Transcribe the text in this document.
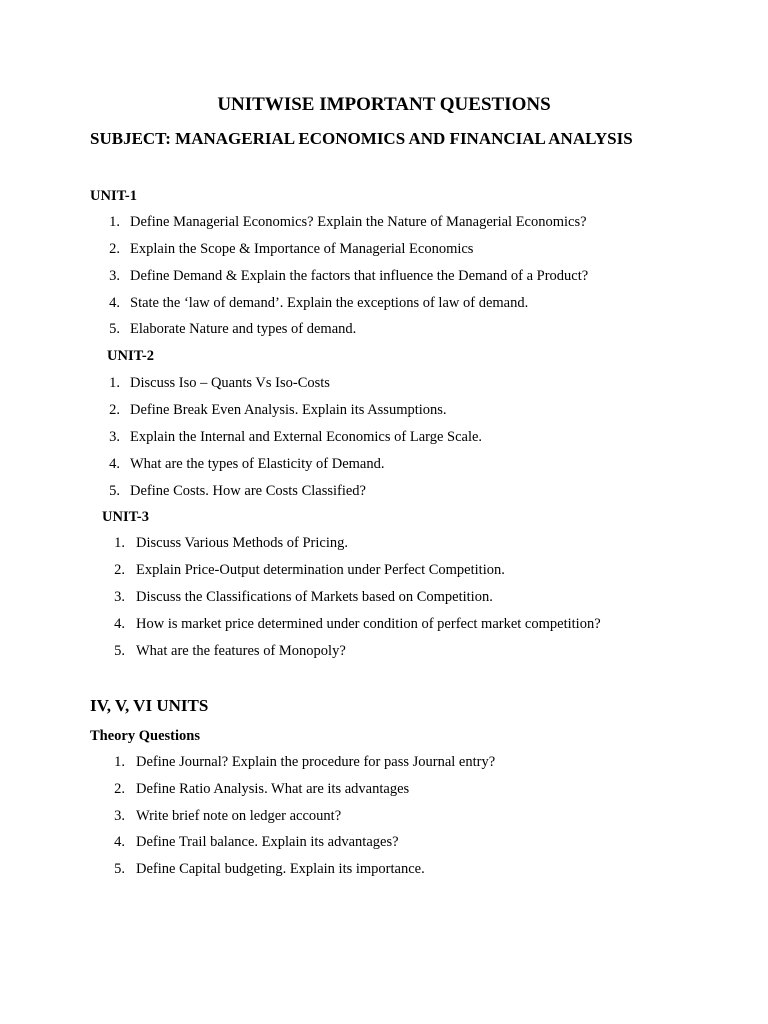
UNITWISE IMPORTANT QUESTIONS
SUBJECT: MANAGERIAL ECONOMICS AND FINANCIAL ANALYSIS
UNIT-1
1. Define Managerial Economics? Explain the Nature of Managerial Economics?
2. Explain the Scope & Importance of Managerial Economics
3. Define Demand & Explain the factors that influence the Demand of a Product?
4. State the ‘law of demand’. Explain the exceptions of law of demand.
5. Elaborate Nature and types of demand.
UNIT-2
1. Discuss Iso – Quants Vs Iso-Costs
2. Define Break Even Analysis. Explain its Assumptions.
3. Explain the Internal and External Economics of Large Scale.
4. What are the types of Elasticity of Demand.
5. Define Costs. How are Costs Classified?
UNIT-3
1. Discuss Various Methods of Pricing.
2. Explain Price-Output determination under Perfect Competition.
3. Discuss the Classifications of Markets based on Competition.
4. How is market price determined under condition of perfect market competition?
5. What are the features of Monopoly?
IV, V, VI UNITS
Theory Questions
1. Define Journal? Explain the procedure for pass Journal entry?
2. Define Ratio Analysis. What are its advantages
3. Write brief note on ledger account?
4. Define Trail balance. Explain its advantages?
5. Define Capital budgeting. Explain its importance.
